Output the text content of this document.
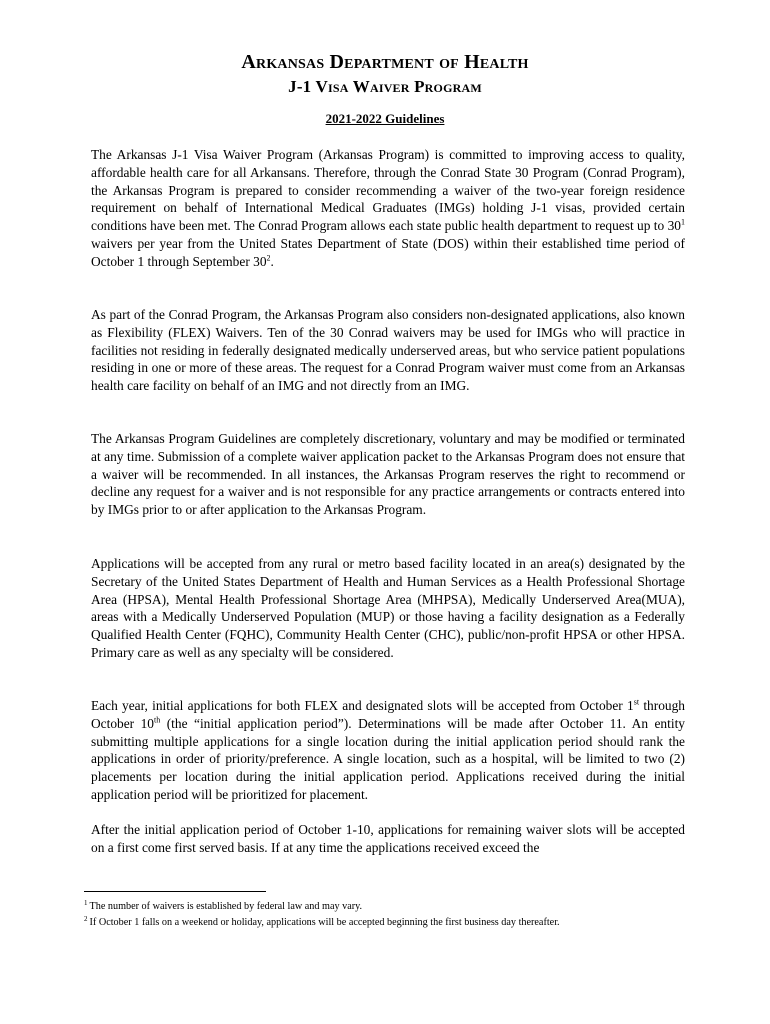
Arkansas Department of Health
J-1 Visa Waiver Program
2021-2022 Guidelines

The Arkansas J-1 Visa Waiver Program (Arkansas Program) is committed to improving access to quality, affordable health care for all Arkansans. Therefore, through the Conrad State 30 Program (Conrad Program), the Arkansas Program is prepared to consider recommending a waiver of the two-year foreign residence requirement on behalf of International Medical Graduates (IMGs) holding J-1 visas, provided certain conditions have been met. The Conrad Program allows each state public health department to request up to $30^1$ waivers per year from the United States Department of State (DOS) within their established time period of October 1 through September $30^2$.

As part of the Conrad Program, the Arkansas Program also considers non-designated applications, also known as Flexibility (FLEX) Waivers. Ten of the 30 Conrad waivers may be used for IMGs who will practice in facilities not residing in federally designated medically underserved areas, but who service patient populations residing in one or more of these areas. The request for a Conrad Program waiver must come from an Arkansas health care facility on behalf of an IMG and not directly from an IMG.

The Arkansas Program Guidelines are completely discretionary, voluntary and may be modified or terminated at any time. Submission of a complete waiver application packet to the Arkansas Program does not ensure that a waiver will be recommended. In all instances, the Arkansas Program reserves the right to recommend or decline any request for a waiver and is not responsible for any practice arrangements or contracts entered into by IMGs prior to or after application to the Arkansas Program.

Applications will be accepted from any rural or metro based facility located in an area(s) designated by the Secretary of the United States Department of Health and Human Services as a Health Professional Shortage Area (HPSA), Mental Health Professional Shortage Area (MHPSA), Medically Underserved Area(MUA), areas with a Medically Underserved Population (MUP) or those having a facility designation as a Federally Qualified Health Center (FQHC), Community Health Center (CHC), public/non-profit HPSA or other HPSA. Primary care as well as any specialty will be considered.

Each year, initial applications for both FLEX and designated slots will be accepted from October 1st through October 10th (the “initial application period”). Determinations will be made after October 11. An entity submitting multiple applications for a single location during the initial application period should rank the applications in order of priority/preference. A single location, such as a hospital, will be limited to two (2) placements per location during the initial application period. Applications received during the initial application period will be prioritized for placement.

After the initial application period of October 1-10, applications for remaining waiver slots will be accepted on a first come first served basis. If at any time the applications received exceed the

$^1$ The number of waivers is established by federal law and may vary.
$^2$ If October 1 falls on a weekend or holiday, applications will be accepted beginning the first business day thereafter.
